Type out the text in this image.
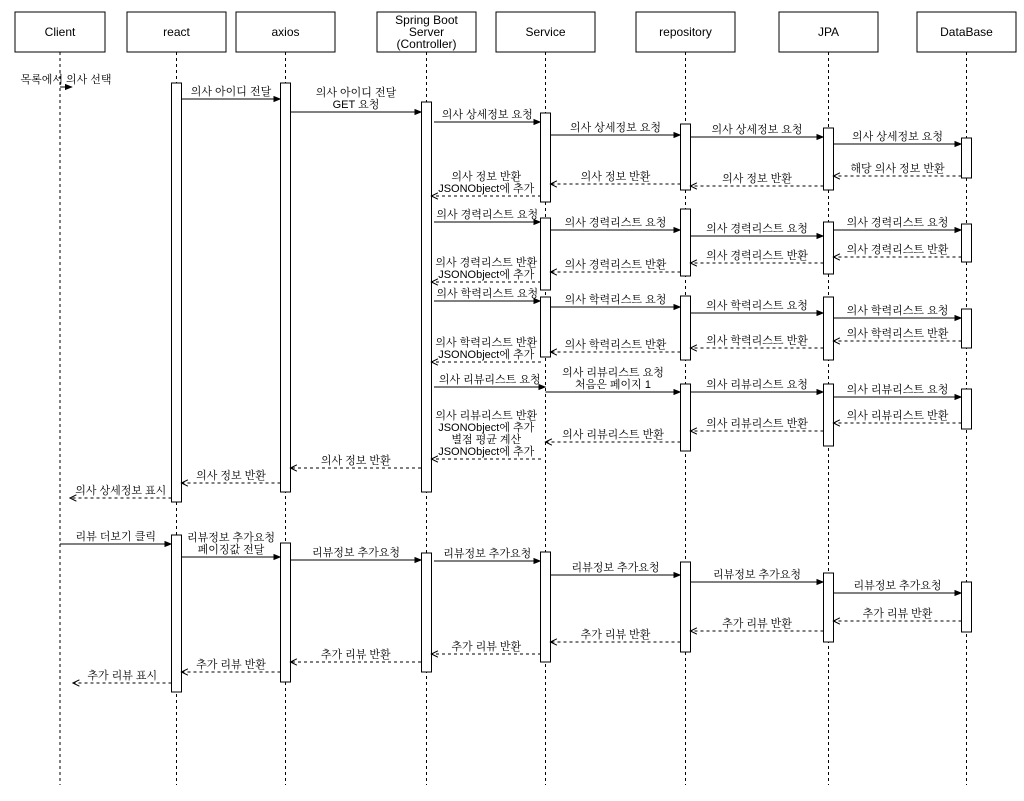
목록에서 의사 선택
의사 아이디 전달	의사 아이디 전달
GET 요청
의사 상세정보 요청
의사 상세정보 요청	의사 상세정보 요청
의사 상세정보 요청
해당 의사 정보 반환
의사 정보 반환
의사 정보 반환
의사 정보 반환
JSONObject에 추가
의사 경력리스트 요청
의사 경력리스트 요청	의사 경력리스트 요청	의사 경력리스트 요청
의사 경력리스트 반환
의사 경력리스트 반환
의사 경력리스트 반환
의사 경력리스트 반환
JSONObject에 추가
의사 학력리스트 요청 의사 학력리스트 요청	의사 학력리스트 요청	의사 학력리스트 요청
의사 학력리스트 반환
의사 학력리스트 반환
의사 학력리스트 반환
의사 학력리스트 반환
JSONObject에 추가
의사 리뷰리스트 요청
의사 리뷰리스트 요청
처음은 페이지 1	의사 리뷰리스트 요청	의사 리뷰리스트 요청
의사 리뷰리스트 반환
의사 리뷰리스트 반환
의사 리뷰리스트 반환
의사 리뷰리스트 반환
JSONObject에 추가
별점 평균 계산
JSONObject에 추가
의사 정보 반환
의사 정보 반환
의사 상세정보 표시
리뷰 더보기 클릭	리뷰정보 추가요청
페이징값 전달	리뷰정보 추가요청	리뷰정보 추가요청
리뷰정보 추가요청
리뷰정보 추가요청
리뷰정보 추가요청
추가 리뷰 반환
추가 리뷰 반환
추가 리뷰 반환
추가 리뷰 반환
추가 리뷰 반환
추가 리뷰 반환
추가 리뷰 표시
Client	react	axios
Spring Boot
Server
(Controller)
Service	repository	JPA	DataBase
